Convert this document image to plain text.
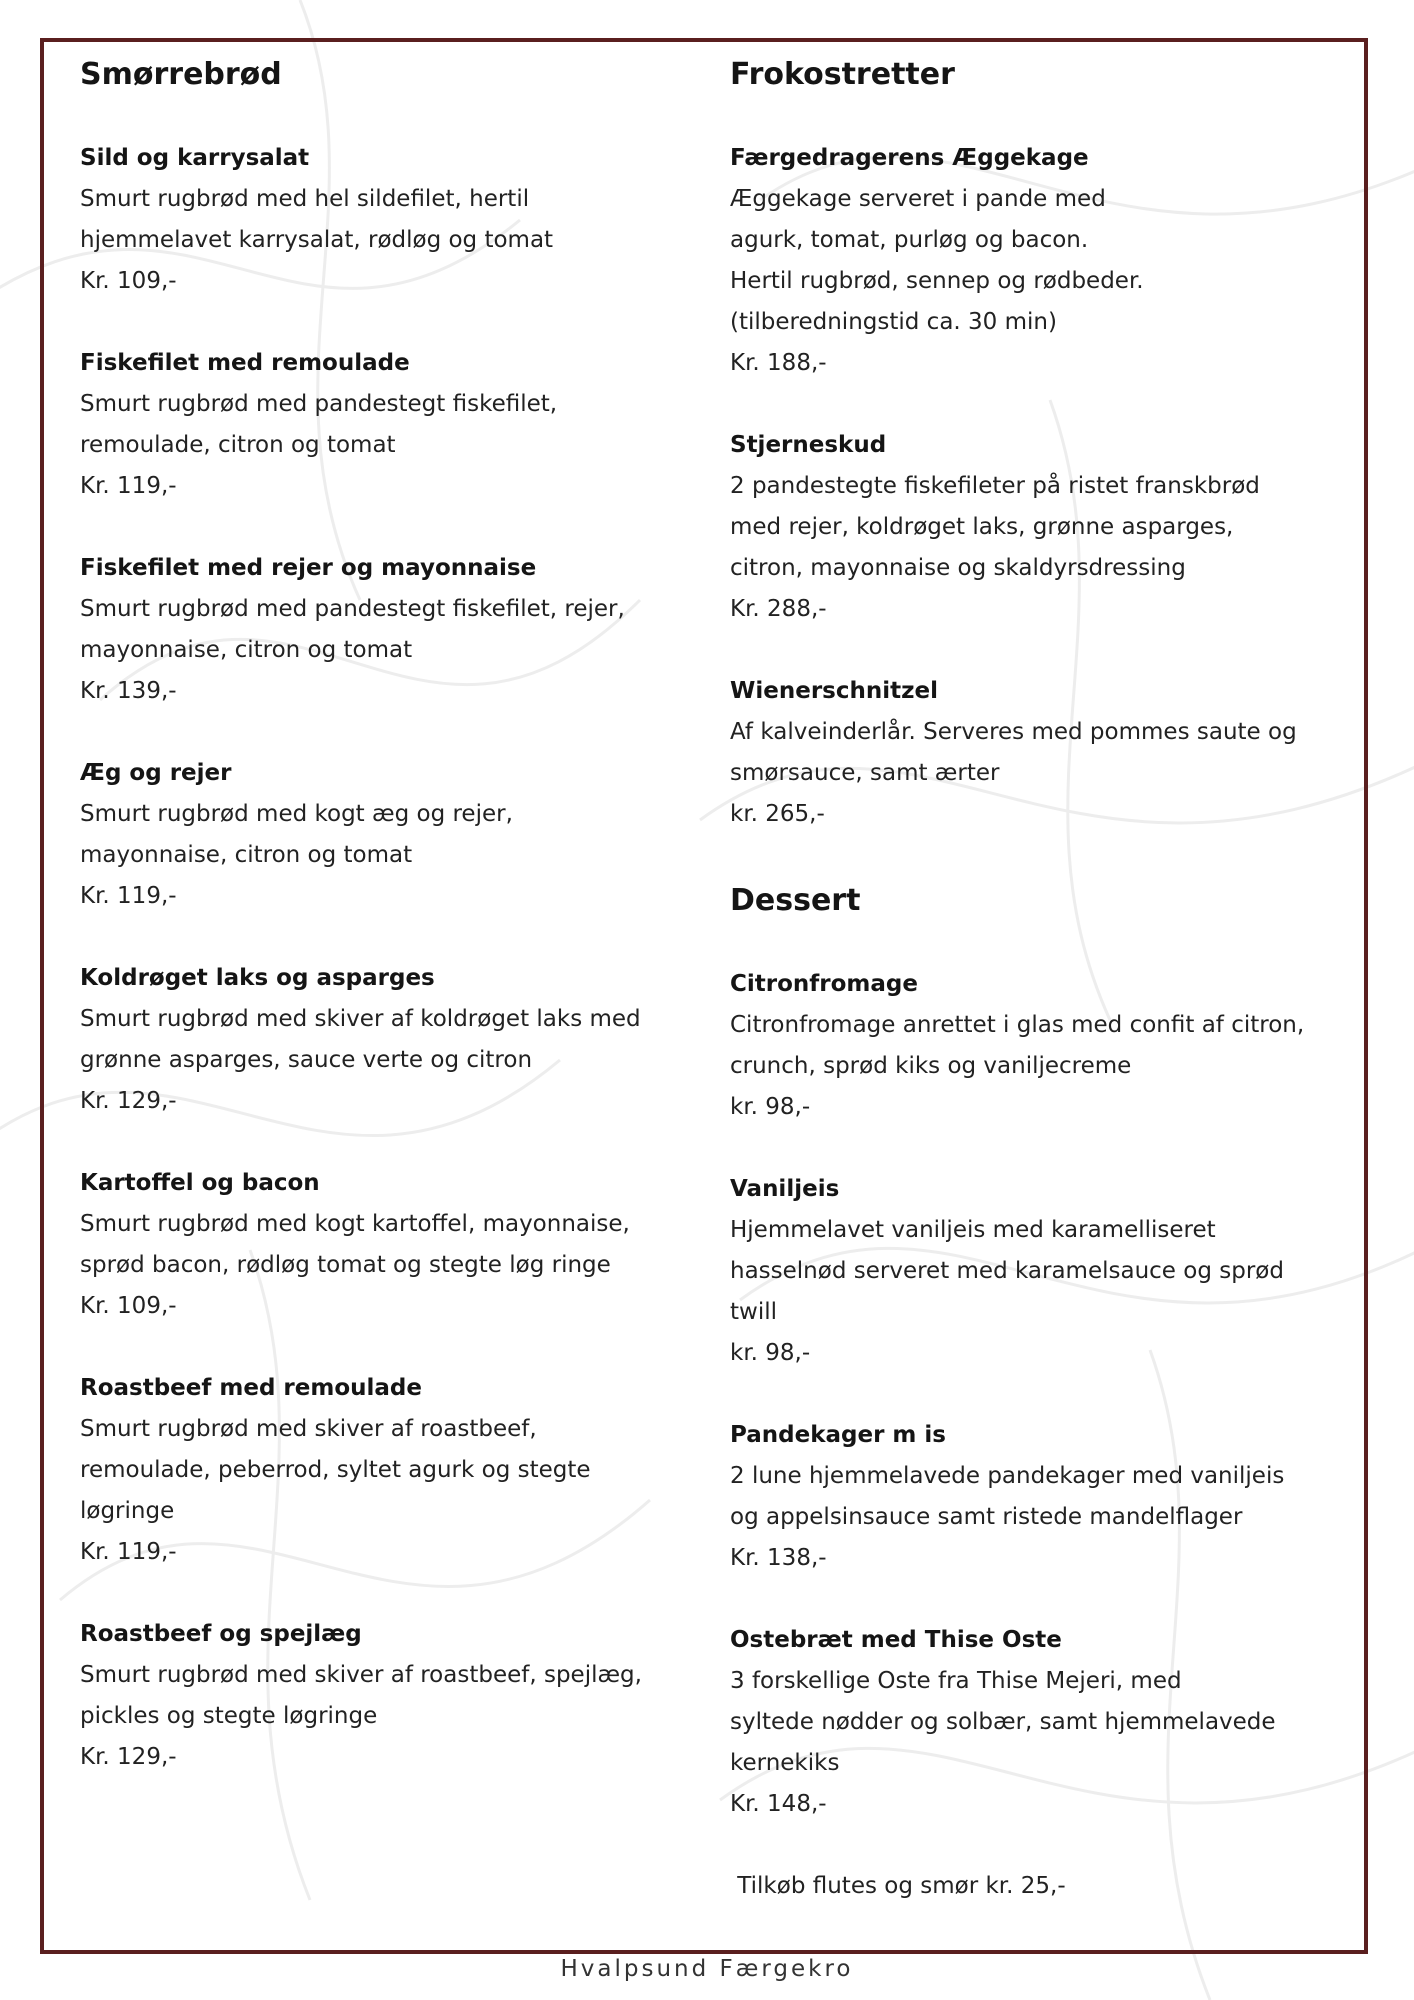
Smørrebrød
Sild og karrysalat
Smurt rugbrød med hel sildefilet, hertil
hjemmelavet karrysalat, rødløg og tomat
Kr. 109,-
Fiskefilet med remoulade
Smurt rugbrød med pandestegt fiskefilet,
remoulade, citron og tomat
Kr. 119,-
Fiskefilet med rejer og mayonnaise
Smurt rugbrød med pandestegt fiskefilet, rejer,
mayonnaise, citron og tomat
Kr. 139,-
Æg og rejer
Smurt rugbrød med kogt æg og rejer,
mayonnaise, citron og tomat
Kr. 119,-
Koldrøget laks og asparges
Smurt rugbrød med skiver af koldrøget laks med
grønne asparges, sauce verte og citron
Kr. 129,-
Kartoffel og bacon
Smurt rugbrød med kogt kartoffel, mayonnaise,
sprød bacon, rødløg tomat og stegte løg ringe
Kr. 109,-
Roastbeef med remoulade
Smurt rugbrød med skiver af roastbeef,
remoulade, peberrod, syltet agurk og stegte
løgringe
Kr. 119,-
Roastbeef og spejlæg
Smurt rugbrød med skiver af roastbeef, spejlæg,
pickles og stegte løgringe
Kr. 129,-
Frokostretter
Færgedragerens Æggekage
Æggekage serveret i pande med
agurk, tomat, purløg og bacon.
Hertil rugbrød, sennep og rødbeder.
(tilberedningstid ca. 30 min)
Kr. 188,-
Stjerneskud
2 pandestegte fiskefileter på ristet franskbrød
med rejer, koldrøget laks, grønne asparges,
citron, mayonnaise og skaldyrsdressing
Kr. 288,-
Wienerschnitzel
Af kalveinderlår. Serveres med pommes saute og
smørsauce, samt ærter
kr. 265,-
Dessert
Citronfromage
Citronfromage anrettet i glas med confit af citron,
crunch, sprød kiks og vaniljecreme
kr. 98,-
Vaniljeis
Hjemmelavet vaniljeis med karamelliseret
hasselnød serveret med karamelsauce og sprød
twill
kr. 98,-
Pandekager m is
2 lune hjemmelavede pandekager med vaniljeis
og appelsinsauce samt ristede mandelflager
Kr. 138,-
Ostebræt med Thise Oste
3 forskellige Oste fra Thise Mejeri, med
syltede nødder og solbær, samt hjemmelavede
kernekiks
Kr. 148,-
Tilkøb flutes og smør kr. 25,-
Hvalpsund Færgekro
